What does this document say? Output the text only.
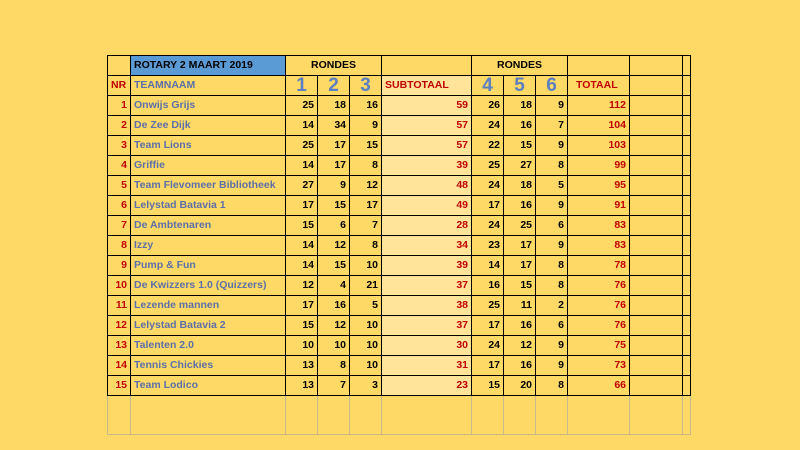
	ROTARY 2 MAART 2019	RONDES				RONDES					
NR	TEAMNAAM	1	2	3	SUBTOTAAL	4	5	6	TOTAAL		
1	Onwijs Grijs	25	18	16	59	26	18	9	112		
2	De Zee Dijk	14	34	9	57	24	16	7	104		
3	Team Lions	25	17	15	57	22	15	9	103		
4	Griffie	14	17	8	39	25	27	8	99		
5	Team Flevomeer Bibliotheek	27	9	12	48	24	18	5	95		
6	Lelystad Batavia 1	17	15	17	49	17	16	9	91		
7	De Ambtenaren	15	6	7	28	24	25	6	83		
8	Izzy	14	12	8	34	23	17	9	83		
9	Pump & Fun	14	15	10	39	14	17	8	78		
10	De Kwizzers 1.0 (Quizzers)	12	4	21	37	16	15	8	76		
11	Lezende mannen	17	16	5	38	25	11	2	76		
12	Lelystad Batavia 2	15	12	10	37	17	16	6	76		
13	Talenten 2.0	10	10	10	30	24	12	9	75		
14	Tennis Chickies	13	8	10	31	17	16	9	73		
15	Team Lodico	13	7	3	23	15	20	8	66		
